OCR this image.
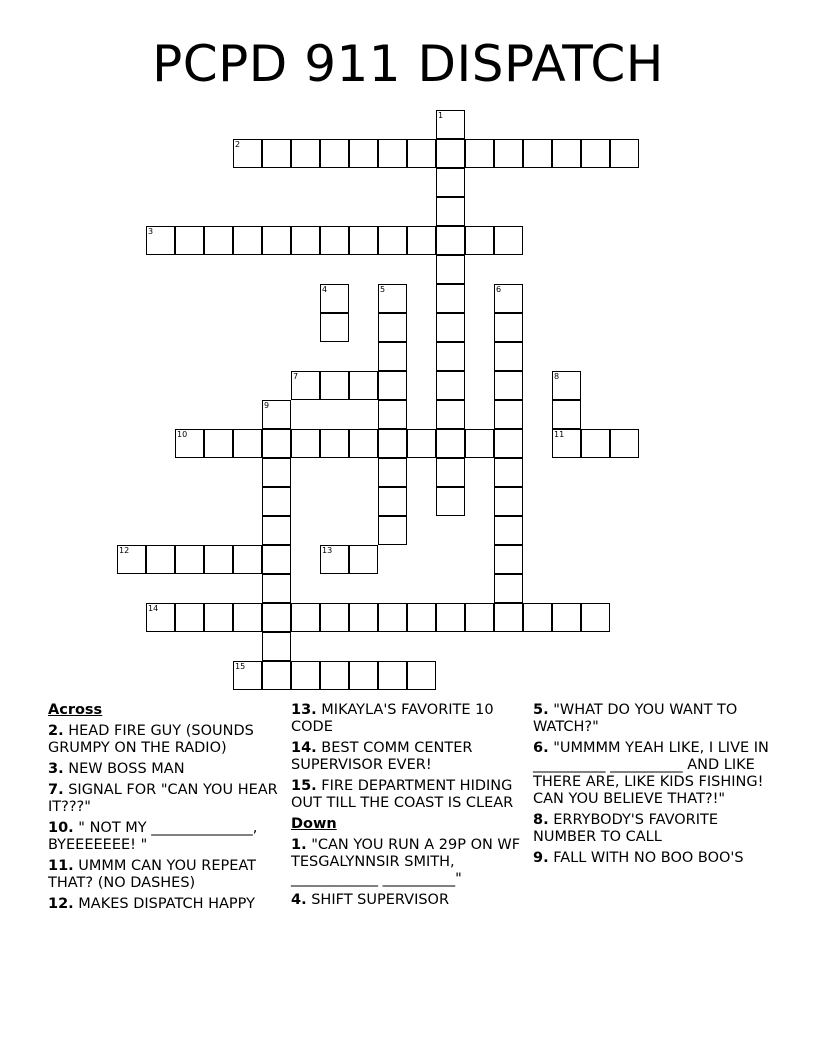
PCPD 911 DISPATCH
1
2
3
4	5	6
7	8
11
9
10
12	13
14
15

Across

2. HEAD FIRE GUY (SOUNDS GRUMPY ON THE RADIO)

3. NEW BOSS MAN

7. SIGNAL FOR "CAN YOU HEAR IT???"

10. " NOT MY ______________, BYEEEEEEE! "

11. UMMM CAN YOU REPEAT THAT? (NO DASHES)

12. MAKES DISPATCH HAPPY

13. MIKAYLA'S FAVORITE 10 CODE

14. BEST COMM CENTER SUPERVISOR EVER!

15. FIRE DEPARTMENT HIDING OUT TILL THE COAST IS CLEAR

Down

1. "CAN YOU RUN A 29P ON WF TESGALYNNSIR SMITH, ____________ __________"

4. SHIFT SUPERVISOR

5. "WHAT DO YOU WANT TO WATCH?"

6. "UMMMM YEAH LIKE, I LIVE IN __________ __________ AND LIKE THERE ARE, LIKE KIDS FISHING! CAN YOU BELIEVE THAT?!"

8. ERRYBODY'S FAVORITE NUMBER TO CALL

9. FALL WITH NO BOO BOO'S
